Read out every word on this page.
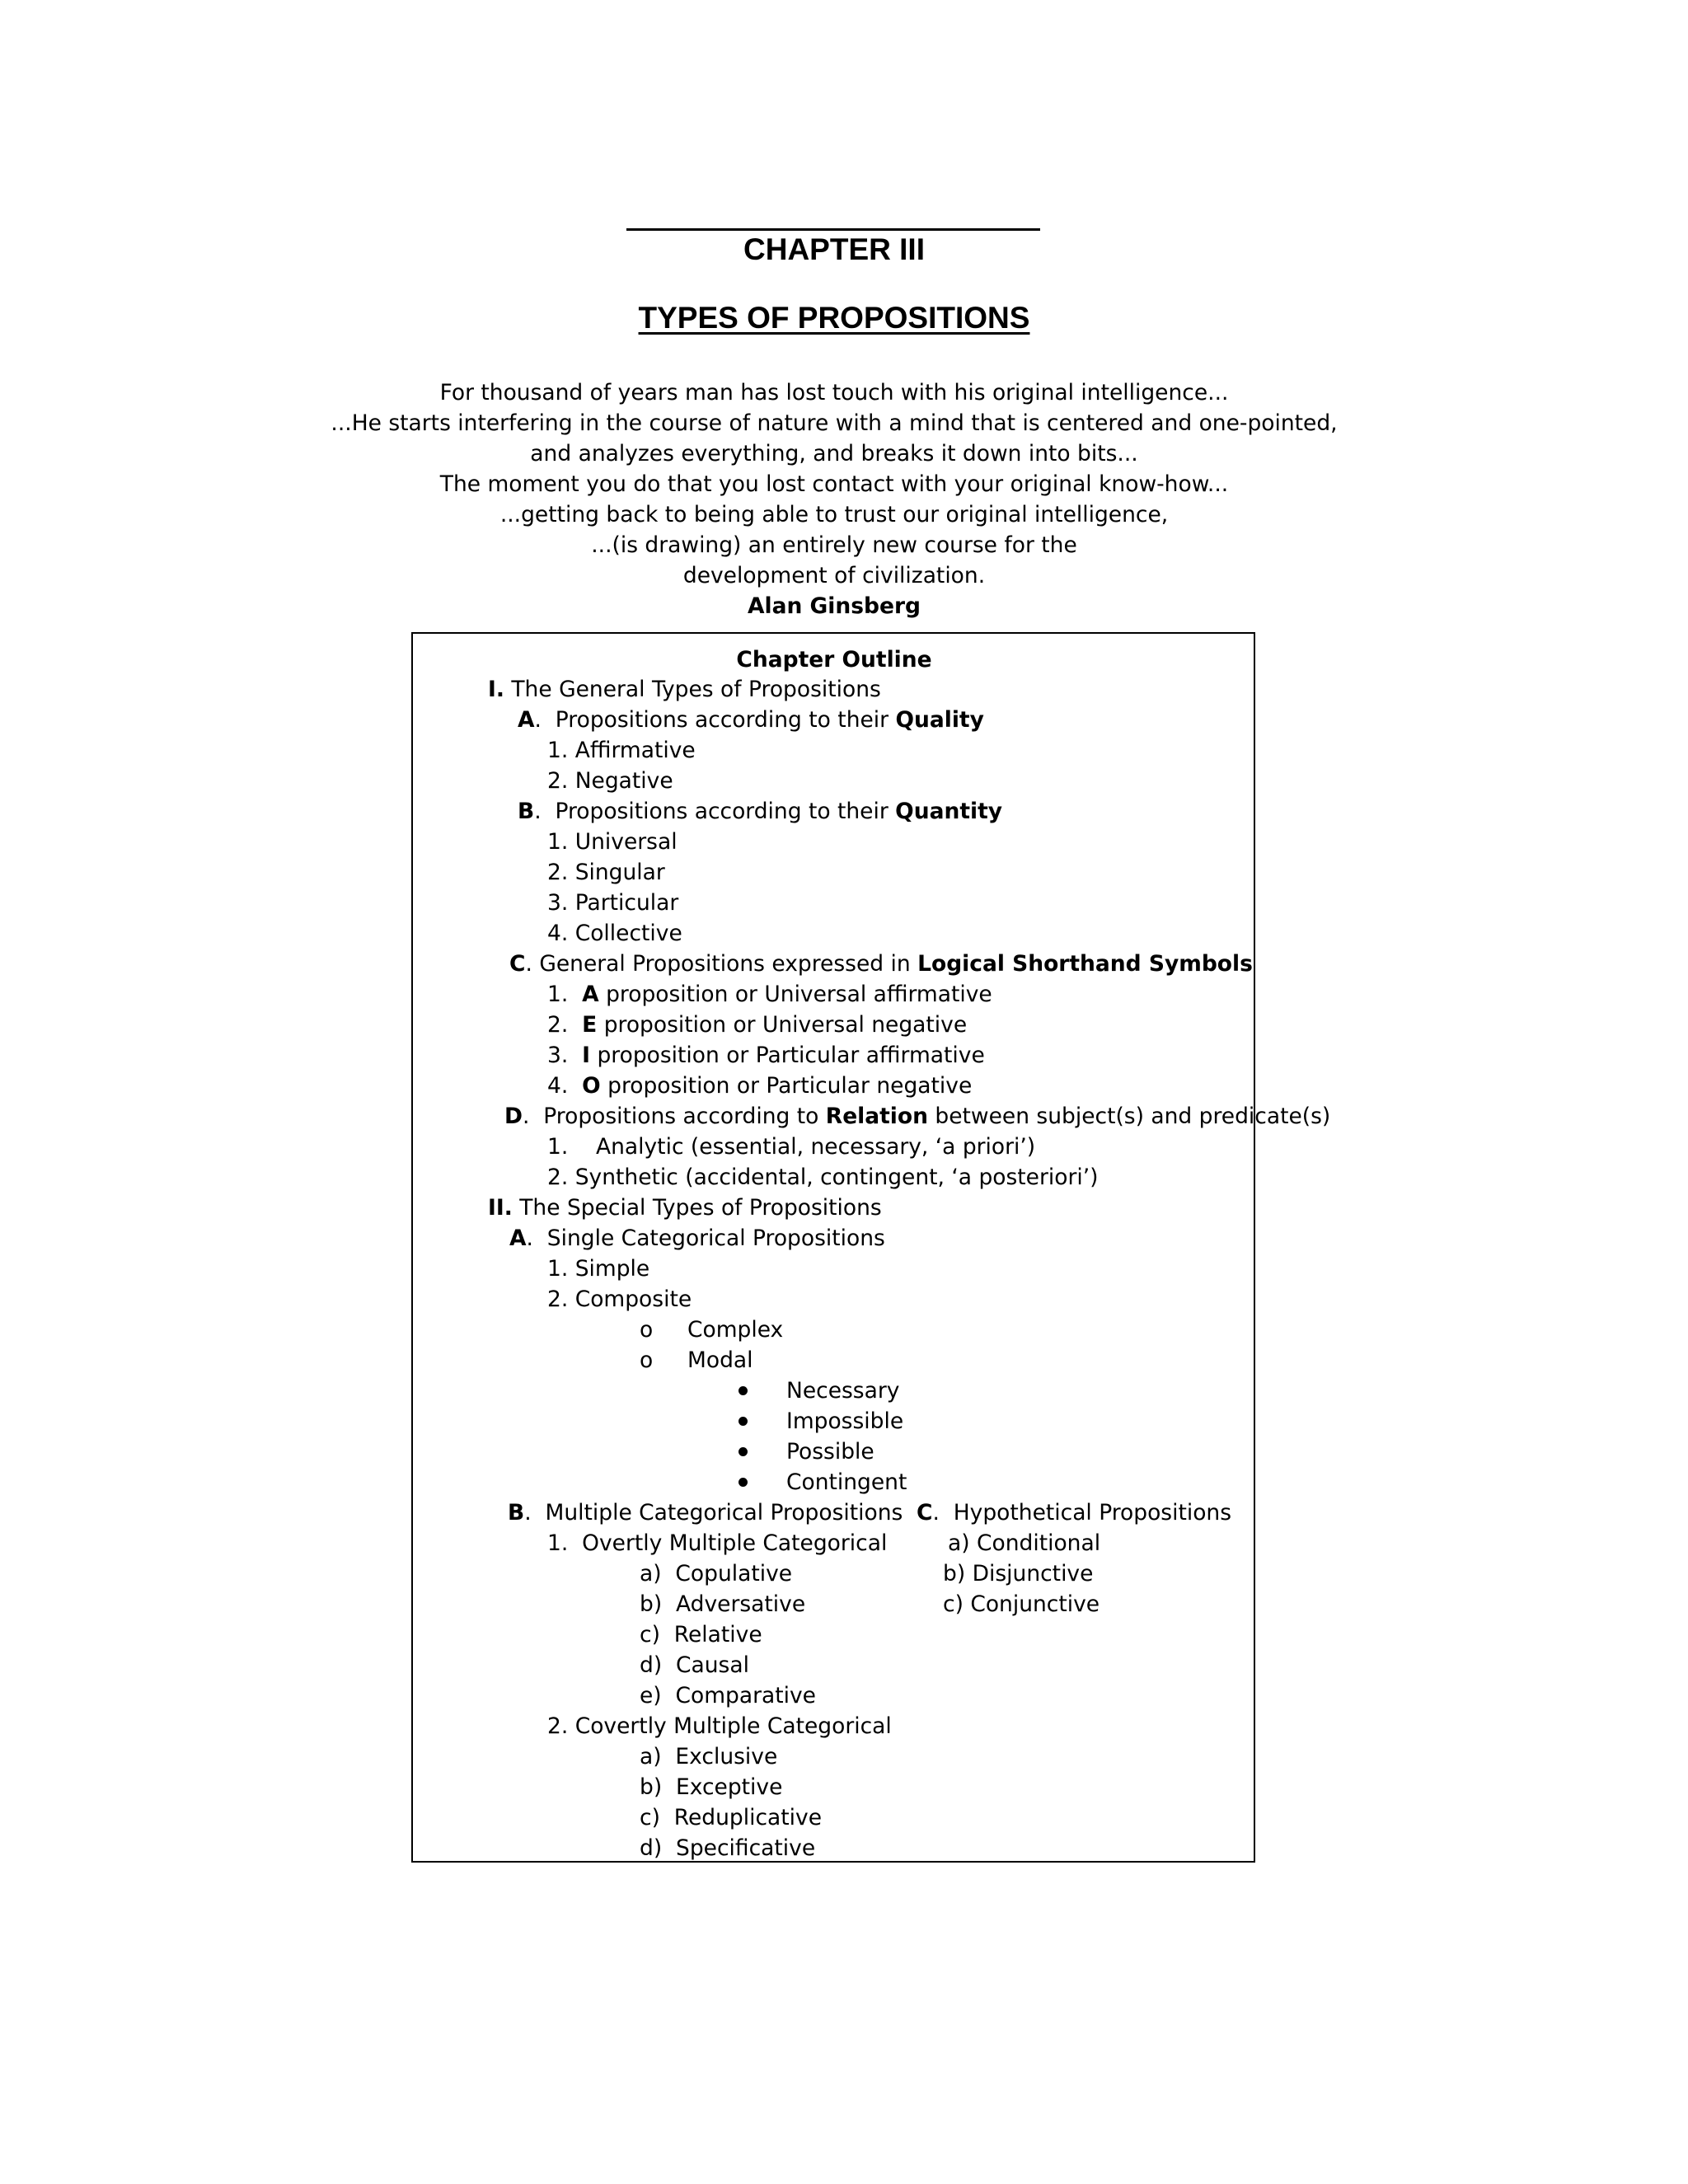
CHAPTER III
TYPES OF PROPOSITIONS
For thousand of years man has lost touch with his original intelligence...
...He starts interfering in the course of nature with a mind that is centered and one-pointed,
and analyzes everything, and breaks it down into bits...
The moment you do that you lost contact with your original know-how...
...getting back to being able to trust our original intelligence,
...(is drawing) an entirely new course for the
development of civilization.
Alan Ginsberg
Chapter Outline
I. The General Types of Propositions
A.  Propositions according to their Quality
1. Affirmative
2. Negative
B.  Propositions according to their Quantity
1. Universal
2. Singular
3. Particular
4. Collective
C. General Propositions expressed in Logical Shorthand Symbols
1. A proposition or Universal affirmative
2. E proposition or Universal negative
3. I proposition or Particular affirmative
4. O proposition or Particular negative
D.  Propositions according to Relation between subject(s) and predicate(s)
1.    Analytic (essential, necessary, ‘a priori’)
2. Synthetic (accidental, contingent, ‘a posteriori’)
II. The Special Types of Propositions
A.  Single Categorical Propositions
1. Simple
2. Composite
o Complex
o Modal
Necessary
Impossible
Possible
Contingent
B.  Multiple Categorical Propositions
1.  Overtly Multiple Categorical
a)  Copulative
b)  Adversative
c)  Relative
d)  Causal
e)  Comparative
2. Covertly Multiple Categorical
a)  Exclusive
b)  Exceptive
c)  Reduplicative
d)  Specificative
C.  Hypothetical Propositions
a) Conditional
b) Disjunctive
c) Conjunctive
